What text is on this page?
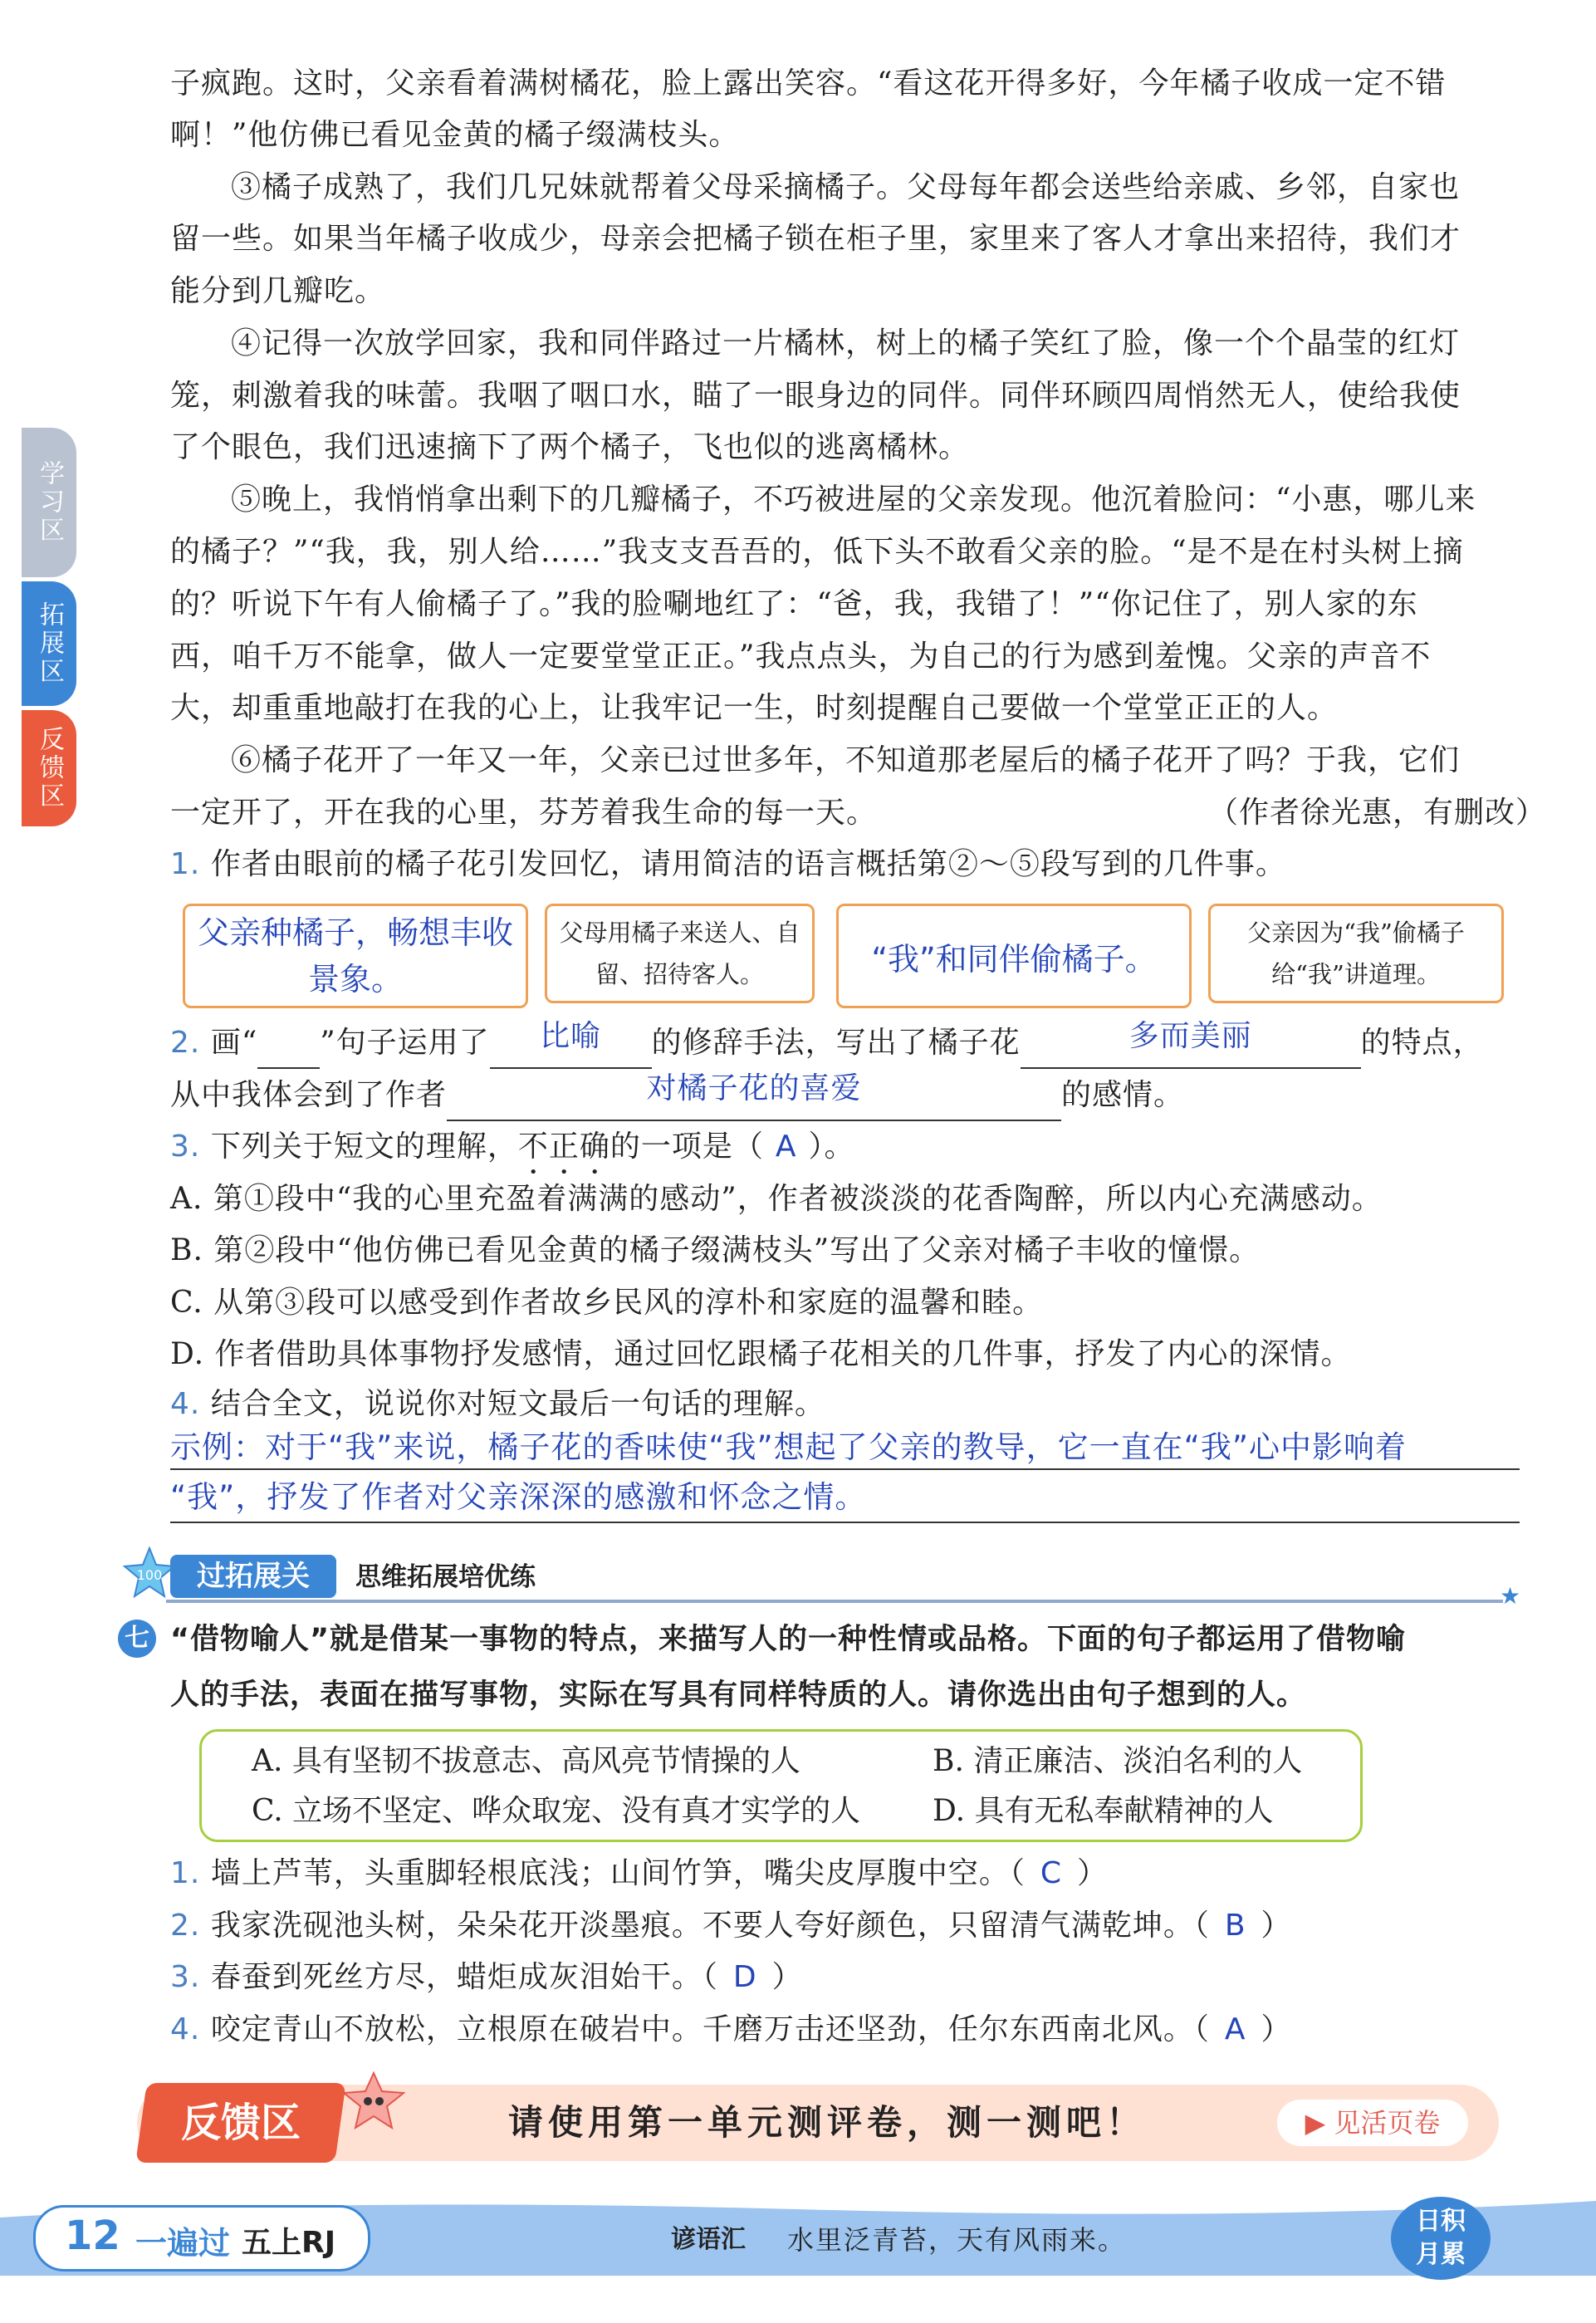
学习区
拓展区
反馈区
子疯跑。这时，父亲看着满树橘花，脸上露出笑容。“看这花开得多好，今年橘子收成一定不错
啊！”他仿佛已看见金黄的橘子缀满枝头。
③橘子成熟了，我们几兄妹就帮着父母采摘橘子。父母每年都会送些给亲戚、乡邻，自家也
留一些。如果当年橘子收成少，母亲会把橘子锁在柜子里，家里来了客人才拿出来招待，我们才
能分到几瓣吃。
④记得一次放学回家，我和同伴路过一片橘林，树上的橘子笑红了脸，像一个个晶莹的红灯
笼，刺激着我的味蕾。我咽了咽口水，瞄了一眼身边的同伴。同伴环顾四周悄然无人，使给我使
了个眼色，我们迅速摘下了两个橘子，飞也似的逃离橘林。
⑤晚上，我悄悄拿出剩下的几瓣橘子，不巧被进屋的父亲发现。他沉着脸问：“小惠，哪儿来
的橘子？”“我，我，别人给……”我支支吾吾的，低下头不敢看父亲的脸。“是不是在村头树上摘
的？听说下午有人偷橘子了。”我的脸唰地红了：“爸，我，我错了！”“你记住了，别人家的东
西，咱千万不能拿，做人一定要堂堂正正。”我点点头，为自己的行为感到羞愧。父亲的声音不
大，却重重地敲打在我的心上，让我牢记一生，时刻提醒自己要做一个堂堂正正的人。
⑥橘子花开了一年又一年，父亲已过世多年，不知道那老屋后的橘子花开了吗？于我，它们
一定开了，开在我的心里，芬芳着我生命的每一天。	（作者徐光惠，有删改）
1. 作者由眼前的橘子花引发回忆，请用简洁的语言概括第②～⑤段写到的几件事。
父亲种橘子，畅想丰收景象。
父母用橘子来送人、自留、招待客人。	“我”和同伴偷橘子。
父亲因为“我”偷橘子给“我”讲道理。
2. 画“ ”句子运用了	比喻	的修辞手法，写出了橘子花	多而美丽	的特点，
从中我体会到了作者	对橘子花的喜爱	的感情。
3. 下列关于短文的理解，不正确的一项是（ A ）。
A. 第①段中“我的心里充盈着满满的感动”，作者被淡淡的花香陶醉，所以内心充满感动。
B. 第②段中“他仿佛已看见金黄的橘子缀满枝头”写出了父亲对橘子丰收的憧憬。
C. 从第③段可以感受到作者故乡民风的淳朴和家庭的温馨和睦。
D. 作者借助具体事物抒发感情，通过回忆跟橘子花相关的几件事，抒发了内心的深情。
4. 结合全文，说说你对短文最后一句话的理解。
示例：对于“我”来说，橘子花的香味使“我”想起了父亲的教导，它一直在“我”心中影响着
“我”，抒发了作者对父亲深深的感激和怀念之情。
100	过拓展关	思维拓展培优练
★
七 “借物喻人”就是借某一事物的特点，来描写人的一种性情或品格。下面的句子都运用了借物喻
人的手法，表面在描写事物，实际在写具有同样特质的人。请你选出由句子想到的人。
A. 具有坚韧不拔意志、高风亮节情操的人	B. 清正廉洁、淡泊名利的人
C. 立场不坚定、哗众取宠、没有真才实学的人 D. 具有无私奉献精神的人
1. 墙上芦苇，头重脚轻根底浅；山间竹笋，嘴尖皮厚腹中空。（ C ）
2. 我家洗砚池头树，朵朵花开淡墨痕。不要人夸好颜色，只留清气满乾坤。（ B ）
3. 春蚕到死丝方尽，蜡炬成灰泪始干。（ D ）
4. 咬定青山不放松，立根原在破岩中。千磨万击还坚劲，任尔东西南北风。（ A ）
反馈区	请使用第一单元测评卷，测一测吧！	▶ 见活页卷
12 一遍过 五上RJ	谚语汇 水里泛青苔，天有风雨来。
日积
月累
